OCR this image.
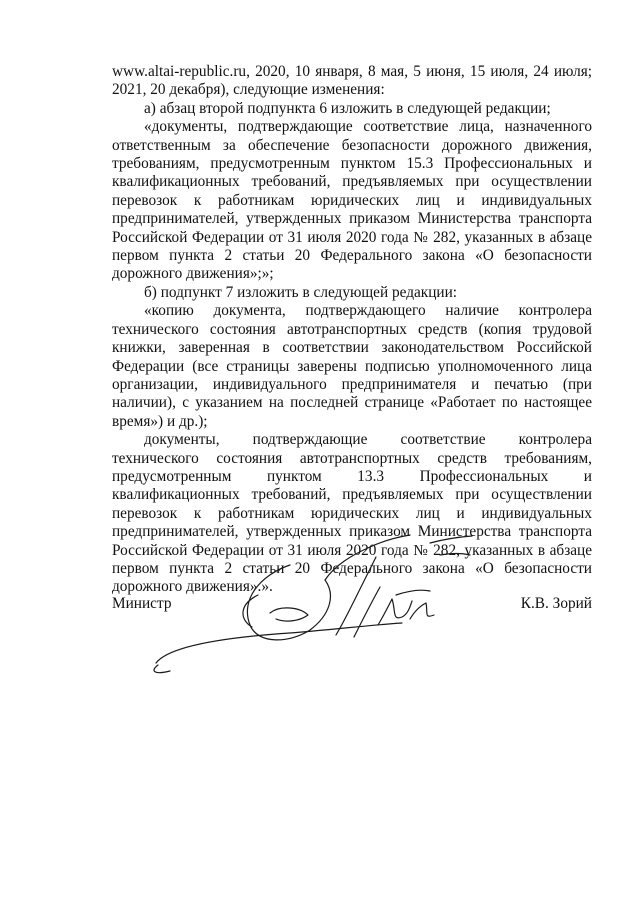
www.altai-republic.ru, 2020, 10 января, 8 мая, 5 июня, 15 июля, 24 июля; 2021, 20 декабря), следующие изменения:

а) абзац второй подпункта 6 изложить в следующей редакции;

«документы, подтверждающие соответствие лица, назначенного ответственным за обеспечение безопасности дорожного движения, требованиям, предусмотренным пунктом 15.3 Профессиональных и квалификационных требований, предъявляемых при осуществлении перевозок к работникам юридических лиц и индивидуальных предпринимателей, утвержденных приказом Министерства транспорта Российской Федерации от 31 июля 2020 года № 282, указанных в абзаце первом пункта 2 статьи 20 Федерального закона «О безопасности дорожного движения»;»;

б) подпункт 7 изложить в следующей редакции:

«копию документа, подтверждающего наличие контролера технического состояния автотранспортных средств (копия трудовой книжки, заверенная в соответствии законодательством Российской Федерации (все страницы заверены подписью уполномоченного лица организации, индивидуального предпринимателя и печатью (при наличии), с указанием на последней странице «Работает по настоящее время») и др.);

документы, подтверждающие соответствие контролера технического состояния автотранспортных средств требованиям, предусмотренным пунктом 13.3 Профессиональных и квалификационных требований, предъявляемых при осуществлении перевозок к работникам юридических лиц и индивидуальных предпринимателей, утвержденных приказом Министерства транспорта Российской Федерации от 31 июля 2020 года № 282, указанных в абзаце первом пункта 2 статьи 20 Федерального закона «О безопасности дорожного движения».».

Министр	К.В. Зорий
